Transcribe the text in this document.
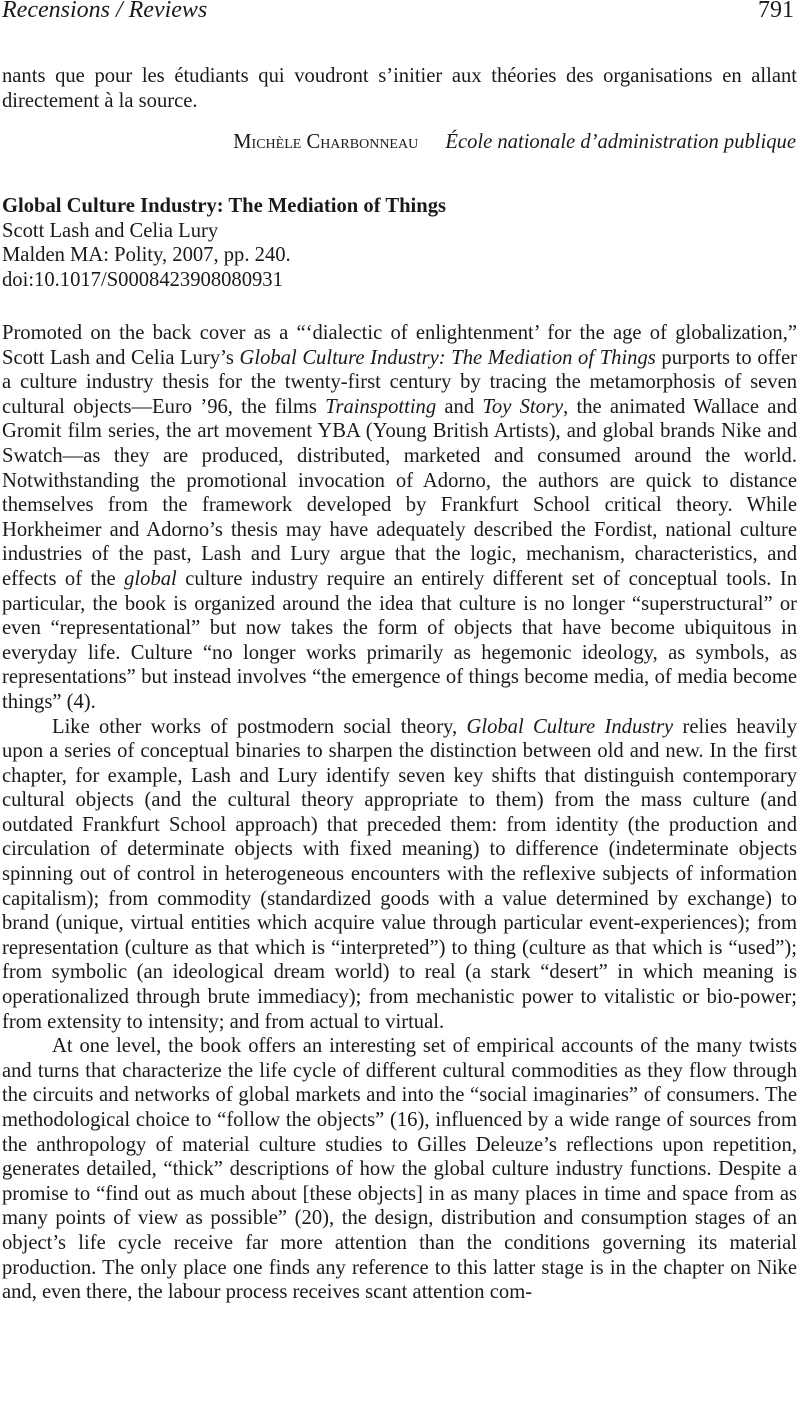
Recensions / Reviews	791
nants que pour les étudiants qui voudront s’initier aux théories des organisations en allant directement à la source.
Michèle Charbonneau École nationale d’administration publique
Global Culture Industry: The Mediation of Things
Scott Lash and Celia Lury
Malden MA: Polity, 2007, pp. 240.
doi:10.1017/S0008423908080931

Promoted on the back cover as a “‘dialectic of enlightenment’ for the age of globalization,” Scott Lash and Celia Lury’s Global Culture Industry: The Mediation of Things purports to offer a culture industry thesis for the twenty-first century by tracing the metamorphosis of seven cultural objects—Euro ’96, the films Trainspotting and Toy Story, the animated Wallace and Gromit film series, the art movement YBA (Young British Artists), and global brands Nike and Swatch—as they are produced, distributed, marketed and consumed around the world. Notwithstanding the promotional invocation of Adorno, the authors are quick to distance themselves from the framework developed by Frankfurt School critical theory. While Horkheimer and Adorno’s thesis may have adequately described the Fordist, national culture industries of the past, Lash and Lury argue that the logic, mechanism, characteristics, and effects of the global culture industry require an entirely different set of conceptual tools. In particular, the book is organized around the idea that culture is no longer “superstructural” or even “representational” but now takes the form of objects that have become ubiquitous in everyday life. Culture “no longer works primarily as hegemonic ideology, as symbols, as representations” but instead involves “the emergence of things become media, of media become things” (4).

Like other works of postmodern social theory, Global Culture Industry relies heavily upon a series of conceptual binaries to sharpen the distinction between old and new. In the first chapter, for example, Lash and Lury identify seven key shifts that distinguish contemporary cultural objects (and the cultural theory appropriate to them) from the mass culture (and outdated Frankfurt School approach) that preceded them: from identity (the production and circulation of determinate objects with fixed meaning) to difference (indeterminate objects spinning out of control in heterogeneous encounters with the reflexive subjects of information capitalism); from commodity (standardized goods with a value determined by exchange) to brand (unique, virtual entities which acquire value through particular event-experiences); from representation (culture as that which is “interpreted”) to thing (culture as that which is “used”); from symbolic (an ideological dream world) to real (a stark “desert” in which meaning is operationalized through brute immediacy); from mechanistic power to vitalistic or bio-power; from extensity to intensity; and from actual to virtual.

At one level, the book offers an interesting set of empirical accounts of the many twists and turns that characterize the life cycle of different cultural commodities as they flow through the circuits and networks of global markets and into the “social imaginaries” of consumers. The methodological choice to “follow the objects” (16), influenced by a wide range of sources from the anthropology of material culture studies to Gilles Deleuze’s reflections upon repetition, generates detailed, “thick” descriptions of how the global culture industry functions. Despite a promise to “find out as much about [these objects] in as many places in time and space from as many points of view as possible” (20), the design, distribution and consumption stages of an object’s life cycle receive far more attention than the conditions governing its material production. The only place one finds any reference to this latter stage is in the chapter on Nike and, even there, the labour process receives scant attention com-
